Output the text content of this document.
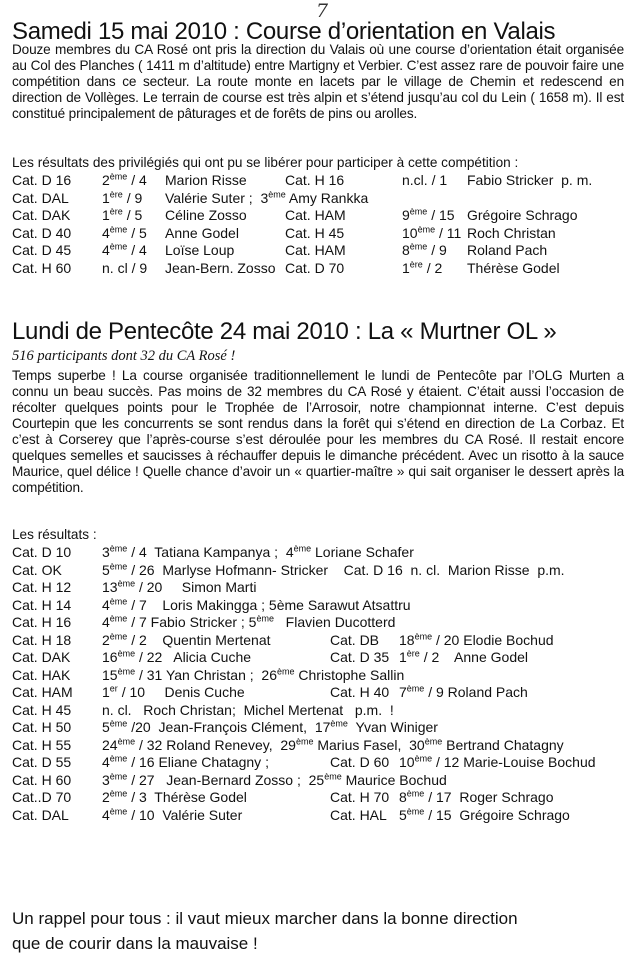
7
Samedi 15 mai 2010 : Course d’orientation en Valais
Douze membres du CA Rosé ont pris la direction du Valais où une course d’orientation était organisée au Col des Planches ( 1411 m d’altitude) entre Martigny et Verbier. C’est assez rare de pouvoir faire une compétition dans ce secteur. La route monte en lacets par le village de Chemin et redescend en direction de Vollèges. Le terrain de course est très alpin et s’étend jusqu’au col du Lein ( 1658 m). Il est constitué principalement de pâturages et de forêts de pins ou arolles.
Les résultats des privilégiés qui ont pu se libérer pour participer à cette compétition :
Cat. D 16 2ème / 4 Marion Risse	Cat. H 16	n.cl. / 1 Fabio Stricker  p. m.
Cat. DAL 1ère / 9 Valérie Suter ;  3ème Amy Rankka
Cat. DAK 1ère / 5 Céline Zosso	Cat. HAM	9ème / 15 Grégoire Schrago
Cat. D 40 4ème / 5 Anne Godel	Cat. H 45	10ème / 11 Roch Christan
Cat. D 45 4ème / 4 Loïse Loup	Cat. HAM	8ème / 9 Roland Pach
Cat. H 60 n. cl / 9 Jean-Bern. Zosso Cat. D 70	1ère / 2 Thérèse Godel
Lundi de Pentecôte 24 mai 2010 : La « Murtner OL »
516 participants dont 32 du CA Rosé !
Temps superbe ! La course organisée traditionnellement le lundi de Pentecôte par l’OLG Murten a connu un beau succès. Pas moins de 32 membres du CA Rosé y étaient. C’était aussi l’occasion de récolter quelques points pour le Trophée de l’Arrosoir, notre championnat interne. C’est depuis Courtepin que les concurrents se sont rendus dans la forêt qui s’étend en direction de La Corbaz. Et c’est à Corserey que l’après-course s’est déroulée pour les membres du CA Rosé. Il restait encore quelques semelles et saucisses à réchauffer depuis le dimanche précédent. Avec un risotto à la sauce Maurice, quel délice ! Quelle chance d’avoir un « quartier-maître » qui sait organiser le dessert après la compétition.
Les résultats :
Cat. D 10 3ème / 4  Tatiana Kampanya ;  4ème Loriane Schafer
Cat. OK	5ème / 26  Marlyse Hofmann- Stricker    Cat. D 16  n. cl.  Marion Risse  p.m.
Cat. H 12 13ème / 20     Simon Marti
Cat. H 14 4ème / 7    Loris Makingga ; 5ème Sarawut Atsattru
Cat. H 16 4ème / 7 Fabio Stricker ; 5ème   Flavien Ducotterd
Cat. H 18 2ème / 2    Quentin Mertenat	Cat. DB 18ème / 20 Elodie Bochud
Cat. DAK 16ème / 22   Alicia Cuche	Cat. D 35 1ère / 2    Anne Godel
Cat. HAK 15ème / 31 Yan Christan ;  26ème Christophe Sallin
Cat. HAM 1er / 10     Denis Cuche	Cat. H 40 7ème / 9 Roland Pach
Cat. H 45 n. cl.   Roch Christan;  Michel Mertenat   p.m.  !
Cat. H 50 5ème /20  Jean-François Clément,  17ème  Yvan Winiger
Cat. H 55 24ème / 32 Roland Renevey,  29ème Marius Fasel,  30ème Bertrand Chatagny
Cat. D 55 4ème / 16 Eliane Chatagny ;	Cat. D 60 10ème / 12 Marie-Louise Bochud
Cat. H 60 3ème / 27   Jean-Bernard Zosso ;  25ème Maurice Bochud
Cat..D 70 2ème / 3  Thérèse Godel	Cat. H 70 8ème / 17  Roger Schrago
Cat. DAL 4ème / 10  Valérie Suter	Cat. HAL 5ème / 15  Grégoire Schrago
Un rappel pour tous : il vaut mieux marcher dans la bonne direction
que de courir dans la mauvaise !
